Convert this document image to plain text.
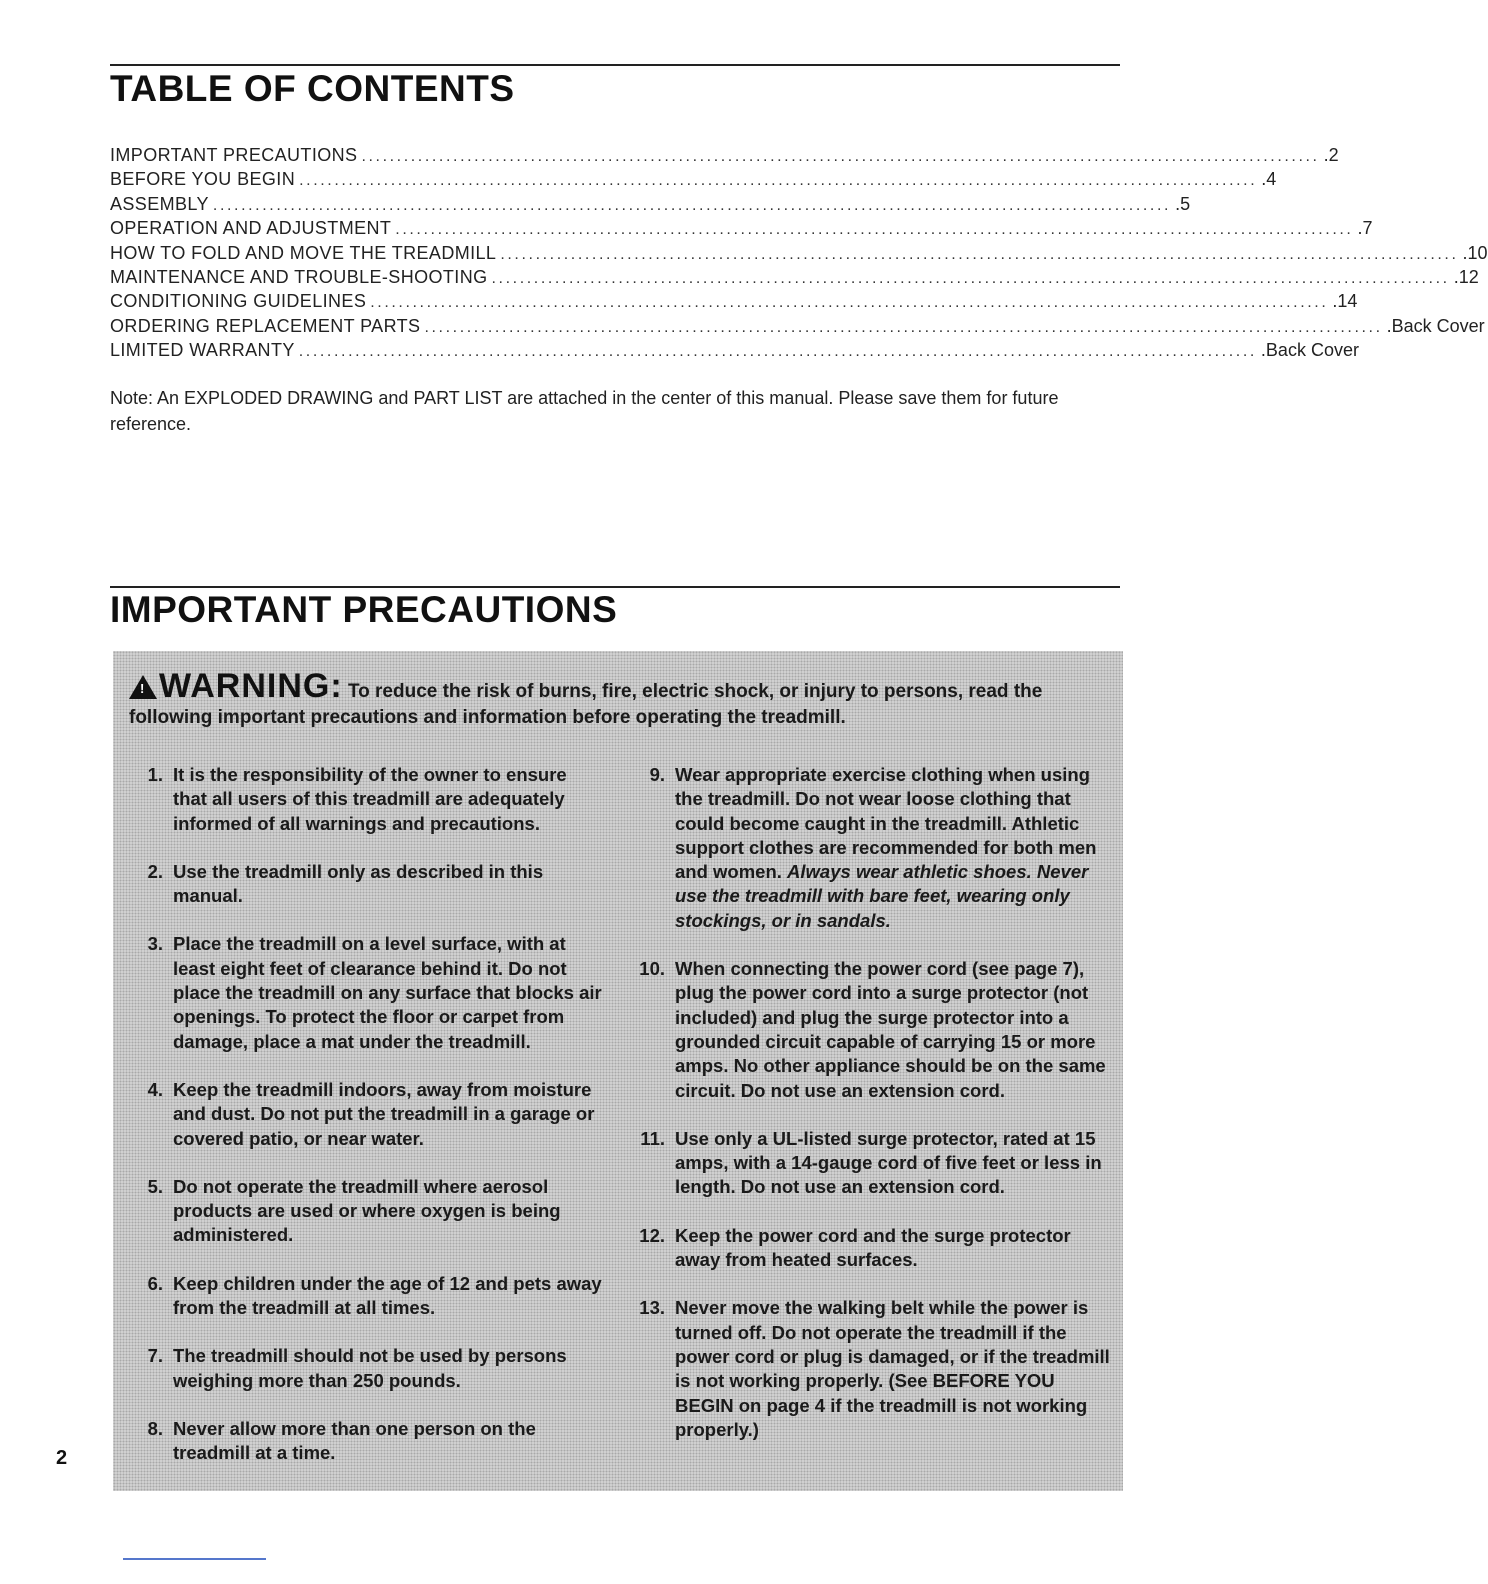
TABLE OF CONTENTS
IMPORTANT PRECAUTIONS ........................................................................................................................................ .2
BEFORE YOU BEGIN ........................................................................................................................................ .4
ASSEMBLY ........................................................................................................................................ .5
OPERATION AND ADJUSTMENT ........................................................................................................................................ .7
HOW TO FOLD AND MOVE THE TREADMILL ........................................................................................................................................ .10
MAINTENANCE AND TROUBLE-SHOOTING ........................................................................................................................................ .12
CONDITIONING GUIDELINES ........................................................................................................................................ .14
ORDERING REPLACEMENT PARTS ........................................................................................................................................ .Back Cover
LIMITED WARRANTY ........................................................................................................................................ .Back Cover

Note: An EXPLODED DRAWING and PART LIST are attached in the center of this manual. Please save them for future reference.

IMPORTANT PRECAUTIONS

!WARNING: To reduce the risk of burns, fire, electric shock, or injury to persons, read the following important precautions and information before operating the treadmill.

1. It is the responsibility of the owner to ensure that all users of this treadmill are adequately informed of all warnings and precautions.
2. Use the treadmill only as described in this manual.
3. Place the treadmill on a level surface, with at least eight feet of clearance behind it. Do not place the treadmill on any surface that blocks air openings. To protect the floor or carpet from damage, place a mat under the treadmill.
4. Keep the treadmill indoors, away from moisture and dust. Do not put the treadmill in a garage or covered patio, or near water.
5. Do not operate the treadmill where aerosol products are used or where oxygen is being administered.
6. Keep children under the age of 12 and pets away from the treadmill at all times.
7. The treadmill should not be used by persons weighing more than 250 pounds.
8. Never allow more than one person on the treadmill at a time.
9. Wear appropriate exercise clothing when using the treadmill. Do not wear loose clothing that could become caught in the treadmill. Athletic support clothes are recommended for both men and women. Always wear athletic shoes. Never use the treadmill with bare feet, wearing only stockings, or in sandals.
10. When connecting the power cord (see page 7), plug the power cord into a surge protector (not included) and plug the surge protector into a grounded circuit capable of carrying 15 or more amps. No other appliance should be on the same circuit. Do not use an extension cord.
11. Use only a UL-listed surge protector, rated at 15 amps, with a 14-gauge cord of five feet or less in length. Do not use an extension cord.
12. Keep the power cord and the surge protector away from heated surfaces.
13. Never move the walking belt while the power is turned off. Do not operate the treadmill if the power cord or plug is damaged, or if the treadmill is not working properly. (See BEFORE YOU BEGIN on page 4 if the treadmill is not working properly.)
2
